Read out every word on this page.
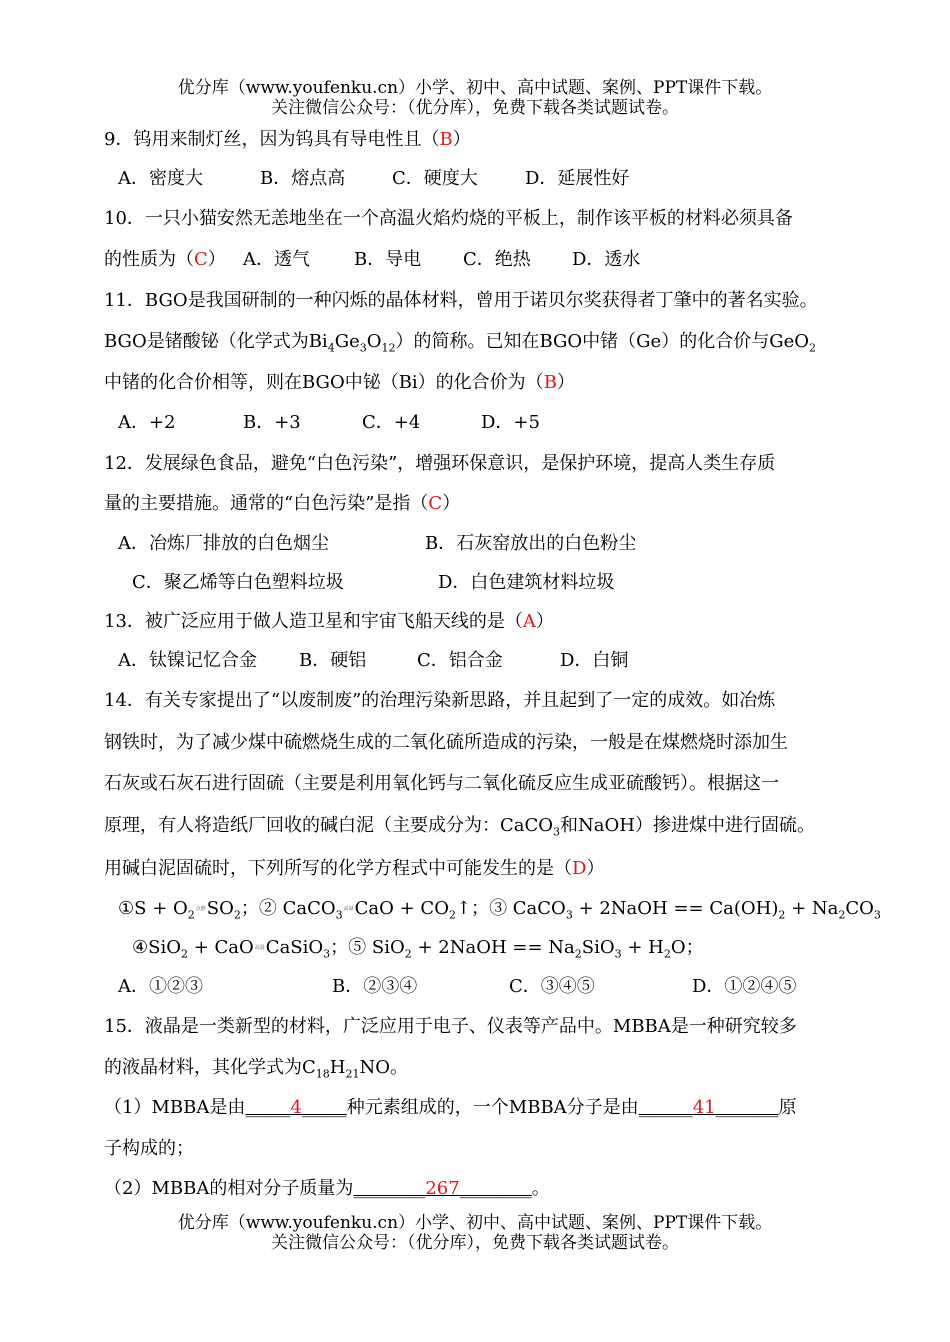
优分库（www.youfenku.cn）小学、初中、高中试题、案例、PPT课件下载。
关注微信公众号：（优分库），免费下载各类试题试卷。
9．钨用来制灯丝，因为钨具有导电性且（B）
A．密度大	B．熔点高	C．硬度大	D．延展性好
10．一只小猫安然无恙地坐在一个高温火焰灼烧的平板上，制作该平板的材料必须具备
的性质为（C） A．透气 B．导电 C．绝热 D．透水
11．BGO是我国研制的一种闪烁的晶体材料，曾用于诺贝尔奖获得者丁肇中的著名实验。
BGO是锗酸铋（化学式为$Bi_4Ge_3O_{12}$）的简称。已知在BGO中锗（Ge）的化合价与GeO$_2$
中锗的化合价相等，则在BGO中铋（Bi）的化合价为（B）
A．+2	B．+3	C．+4	D．+5
12．发展绿色食品，避免“白色污染”，增强环保意识，是保护环境，提高人类生存质
量的主要措施。通常的“白色污染”是指（C）
A．冶炼厂排放的白色烟尘	B．石灰窑放出的白色粉尘
C．聚乙烯等白色塑料垃圾	D．白色建筑材料垃圾
13．被广泛应用于做人造卫星和宇宙飞船天线的是（A）
A．钛镍记忆合金 B．硬铝	C．铝合金	D．白铜
14．有关专家提出了“以废制废”的治理污染新思路，并且起到了一定的成效。如冶炼
钢铁时，为了减少煤中硫燃烧生成的二氧化硫所造成的污染，一般是在煤燃烧时添加生
石灰或石灰石进行固硫（主要是利用氧化钙与二氧化硫反应生成亚硫酸钙）。根据这一
原理，有人将造纸厂回收的碱白泥（主要成分为：CaCO$_3$和NaOH）掺进煤中进行固硫。
用碱白泥固硫时，下列所写的化学方程式中可能发生的是（D）
①S + $O_2$点燃$SO_2$；② CaCO$_3$高温CaO + $CO_2↑$；③ CaCO$_3$ + 2NaOH == $Ca(OH)_2 + Na_2CO_3$
④SiO$_2$ + CaO高温CaSiO$_3$；⑤ SiO$_2$ + 2NaOH == $Na_2SiO_3 + H_2O$；
A．①②③	B．②③④	C．③④⑤	D．①②④⑤
15．液晶是一类新型的材料，广泛应用于电子、仪表等产品中。MBBA是一种研究较多
的液晶材料，其化学式为$C_{18}H_{21}NO$。
（1）MBBA是由_____4_____种元素组成的，一个MBBA分子是由______41_______原
子构成的；
（2）MBBA的相对分子质量为________267________。
优分库（www.youfenku.cn）小学、初中、高中试题、案例、PPT课件下载。
关注微信公众号：（优分库），免费下载各类试题试卷。
